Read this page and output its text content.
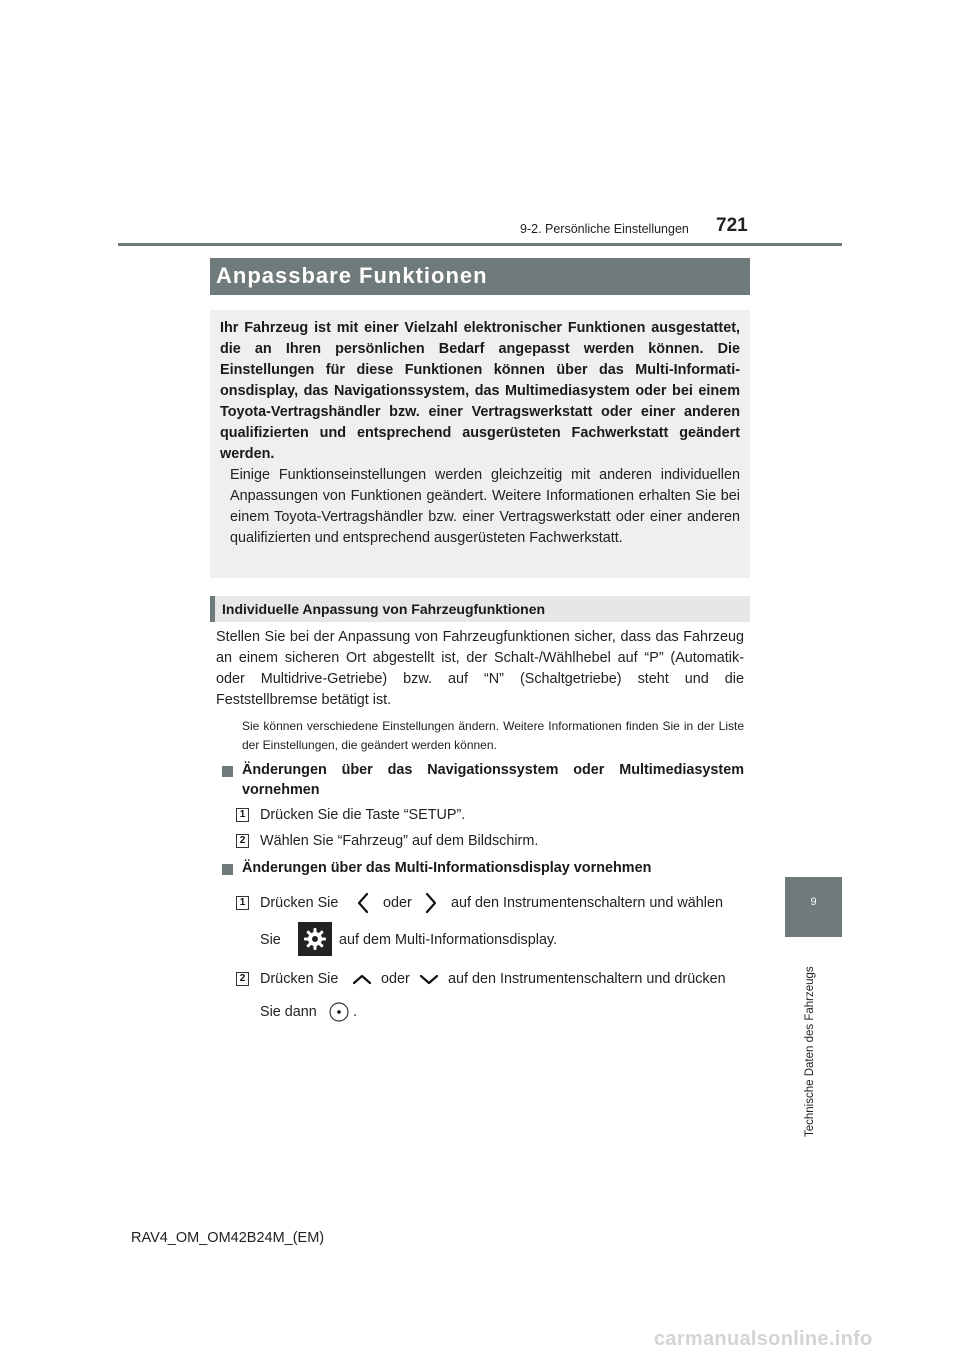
9-2. Persönliche Einstellungen 721
9
Technische Daten des Fahrzeugs
Anpassbare Funktionen
Ihr Fahrzeug ist mit einer Vielzahl elektronischer Funktionen ausgestattet, die an Ihren persönlichen Bedarf angepasst werden können. Die Einstellungen für diese Funktionen können über das Multi-Informationsdisplay, das Navigationssystem, das Multimediasystem oder bei einem Toyota-Vertragshändler bzw. einer Vertragswerkstatt oder einer anderen qualifizierten und entsprechend ausgerüsteten Fachwerkstatt geändert werden.
Einige Funktionseinstellungen werden gleichzeitig mit anderen individuellen Anpassungen von Funktionen geändert. Weitere Informationen erhalten Sie bei einem Toyota-Vertragshändler bzw. einer Vertragswerkstatt oder einer anderen qualifizierten und entsprechend ausgerüsteten Fachwerkstatt.
Individuelle Anpassung von Fahrzeugfunktionen
Stellen Sie bei der Anpassung von Fahrzeugfunktionen sicher, dass das Fahrzeug an einem sicheren Ort abgestellt ist, der Schalt-/Wählhebel auf “P” (Automatik- oder Multidrive-Getriebe) bzw. auf “N” (Schaltgetriebe) steht und die Feststellbremse betätigt ist.
Sie können verschiedene Einstellungen ändern. Weitere Informationen finden Sie in der Liste der Einstellungen, die geändert werden können.
Änderungen über das Navigationssystem oder Multimediasystem
vornehmen
1 Drücken Sie die Taste “SETUP”.
2 Wählen Sie “Fahrzeug” auf dem Bildschirm.
Änderungen über das Multi-Informationsdisplay vornehmen
1 Drücken Sie	oder	auf den Instrumentenschaltern und wählen
Sie	auf dem Multi-Informationsdisplay.
2 Drücken Sie	oder	auf den Instrumentenschaltern und drücken
Sie dann	.
RAV4_OM_OM42B24M_(EM)
carmanualsonline.info
